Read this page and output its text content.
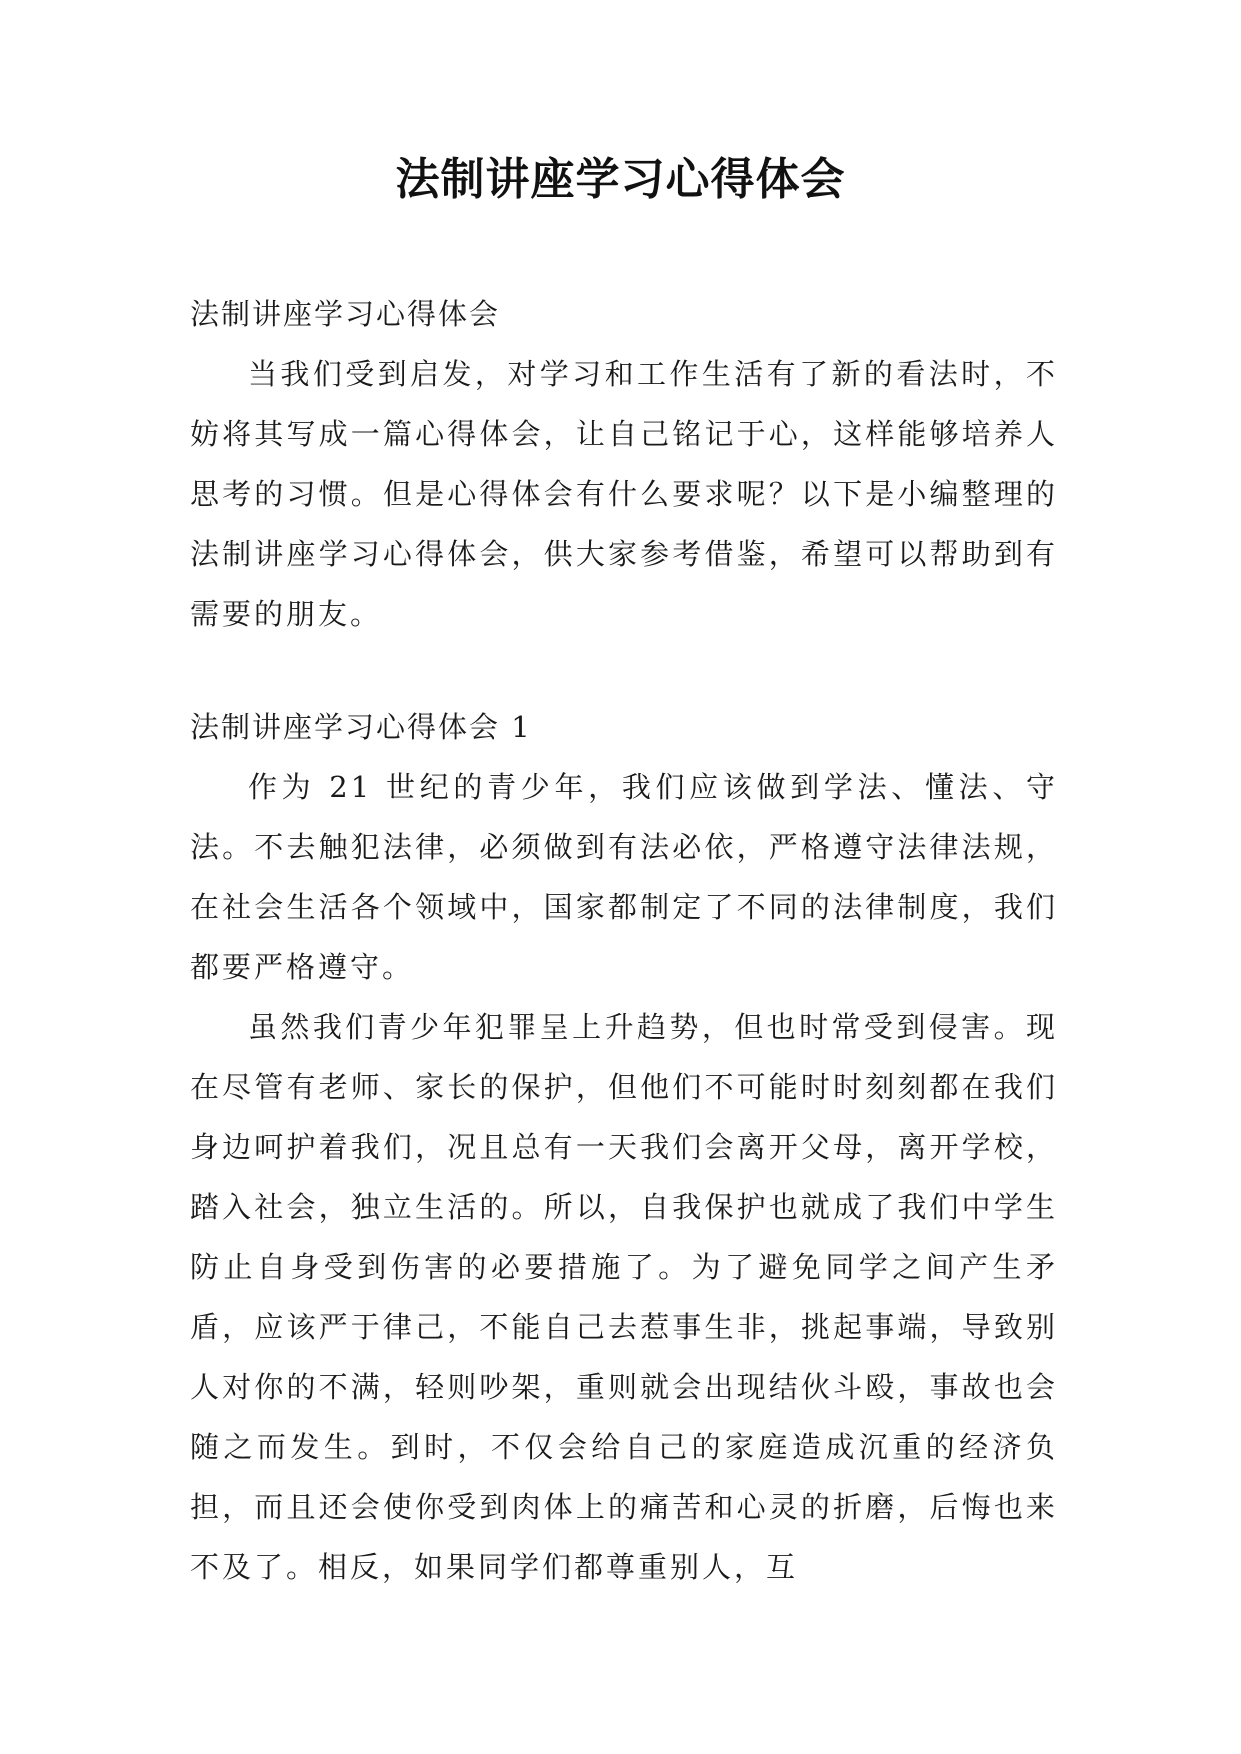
法制讲座学习心得体会

法制讲座学习心得体会

当我们受到启发，对学习和工作生活有了新的看法时，不妨将其写成一篇心得体会，让自己铭记于心，这样能够培养人思考的习惯。但是心得体会有什么要求呢？以下是小编整理的法制讲座学习心得体会，供大家参考借鉴，希望可以帮助到有需要的朋友。

法制讲座学习心得体会 1

作为 21 世纪的青少年，我们应该做到学法、懂法、守法。不去触犯法律，必须做到有法必依，严格遵守法律法规，在社会生活各个领域中，国家都制定了不同的法律制度，我们都要严格遵守。

虽然我们青少年犯罪呈上升趋势，但也时常受到侵害。现在尽管有老师、家长的保护，但他们不可能时时刻刻都在我们身边呵护着我们，况且总有一天我们会离开父母，离开学校，踏入社会，独立生活的。所以，自我保护也就成了我们中学生防止自身受到伤害的必要措施了。为了避免同学之间产生矛盾，应该严于律己，不能自己去惹事生非，挑起事端，导致别人对你的不满，轻则吵架，重则就会出现结伙斗殴，事故也会随之而发生。到时，不仅会给自己的家庭造成沉重的经济负担，而且还会使你受到肉体上的痛苦和心灵的折磨，后悔也来不及了。相反，如果同学们都尊重别人，互
